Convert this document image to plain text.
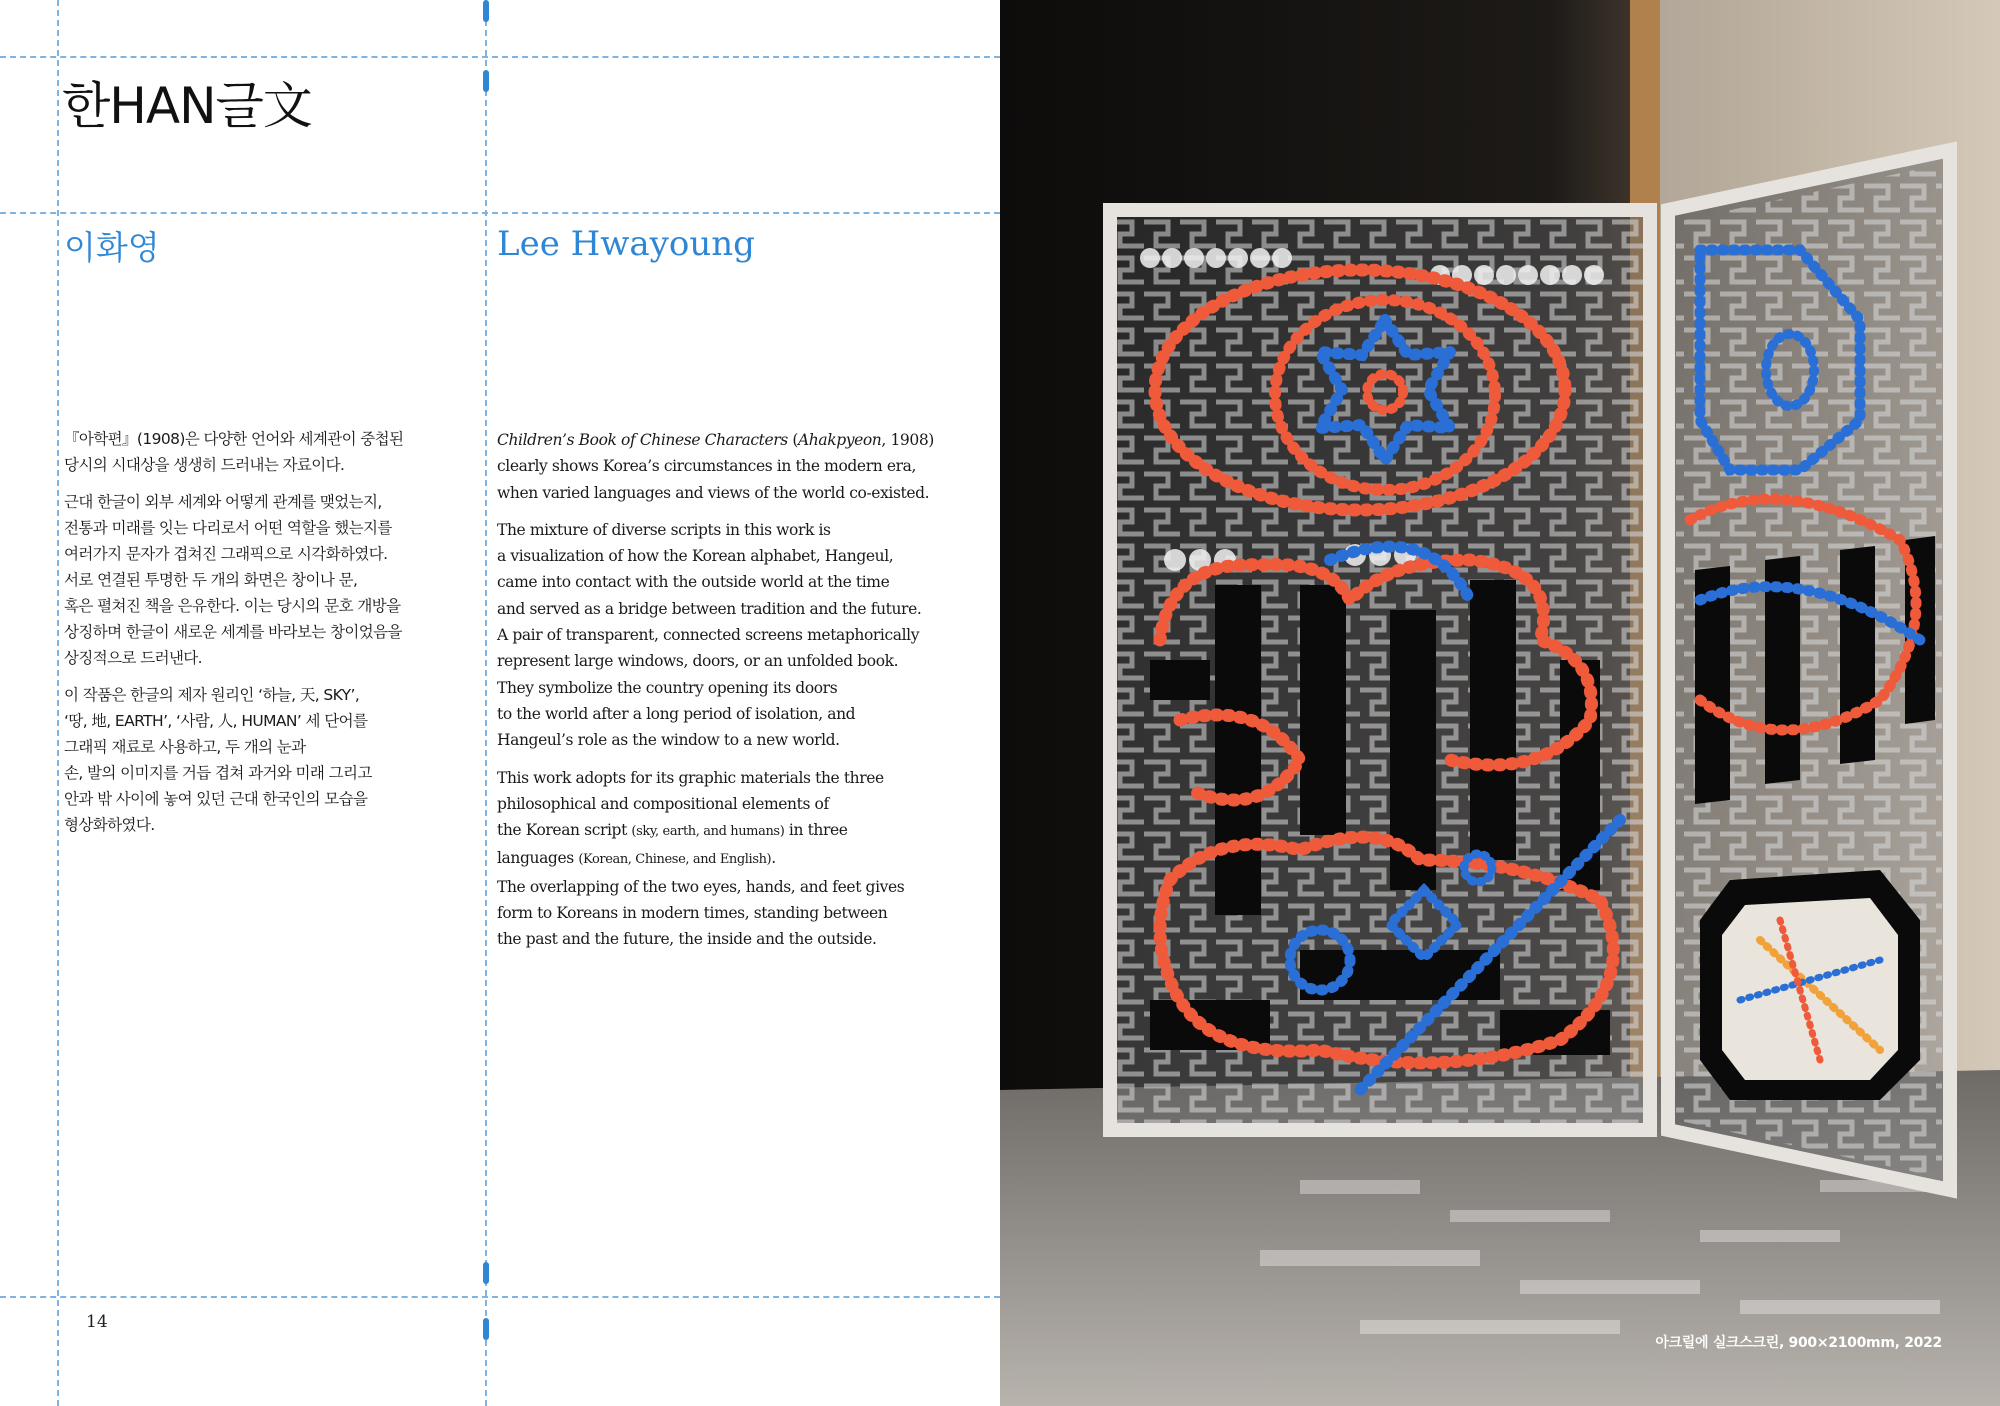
한HAN글文
이화영	Lee Hwayoung

『아학편』(1908)은 다양한 언어와 세계관이 중첩된
당시의 시대상을 생생히 드러내는 자료이다.

근대 한글이 외부 세계와 어떻게 관계를 맺었는지,
전통과 미래를 잇는 다리로서 어떤 역할을 했는지를
여러가지 문자가 겹쳐진 그래픽으로 시각화하였다.
서로 연결된 투명한 두 개의 화면은 창이나 문,
혹은 펼쳐진 책을 은유한다. 이는 당시의 문호 개방을
상징하며 한글이 새로운 세계를 바라보는 창이었음을
상징적으로 드러낸다.

이 작품은 한글의 제자 원리인 ‘하늘, 天, SKY’,
‘땅, 地, EARTH’, ‘사람, 人, HUMAN’ 세 단어를
그래픽 재료로 사용하고, 두 개의 눈과
손, 발의 이미지를 거듭 겹쳐 과거와 미래 그리고
안과 밖 사이에 놓여 있던 근대 한국인의 모습을
형상화하였다.

Children’s Book of Chinese Characters (Ahakpyeon, 1908)
clearly shows Korea’s circumstances in the modern era,
when varied languages and views of the world co-existed.

The mixture of diverse scripts in this work is
a visualization of how the Korean alphabet, Hangeul,
came into contact with the outside world at the time
and served as a bridge between tradition and the future.
A pair of transparent, connected screens metaphorically
represent large windows, doors, or an unfolded book.
They symbolize the country opening its doors
to the world after a long period of isolation, and
Hangeul’s role as the window to a new world.

This work adopts for its graphic materials the three
philosophical and compositional elements of
the Korean script (sky, earth, and humans) in three
languages (Korean, Chinese, and English).
The overlapping of the two eyes, hands, and feet gives
form to Koreans in modern times, standing between
the past and the future, the inside and the outside.

14
아크릴에 실크스크린, 900×2100mm, 2022
